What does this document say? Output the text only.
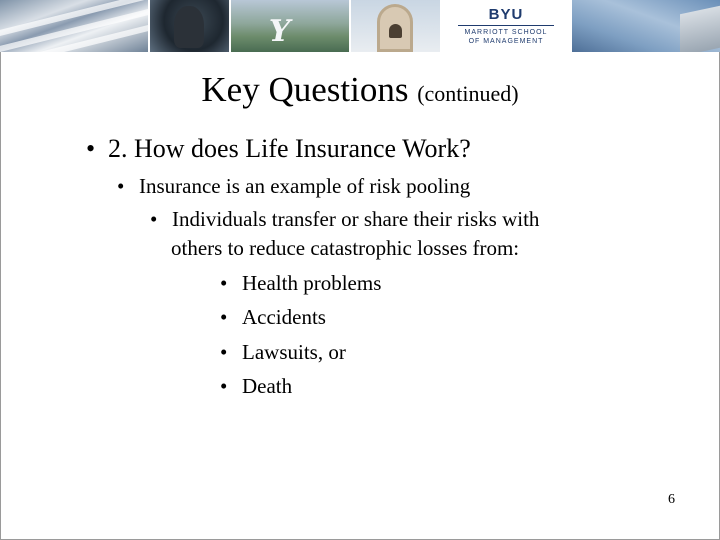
Y	BYU
MARRIOTT SCHOOL
OF MANAGEMENT
Key Questions (continued)
• 2. How does Life Insurance Work?
• Insurance is an example of risk pooling
• Individuals transfer or share their risks with
others to reduce catastrophic losses from:
• Health problems
• Accidents
• Lawsuits, or
• Death
6
